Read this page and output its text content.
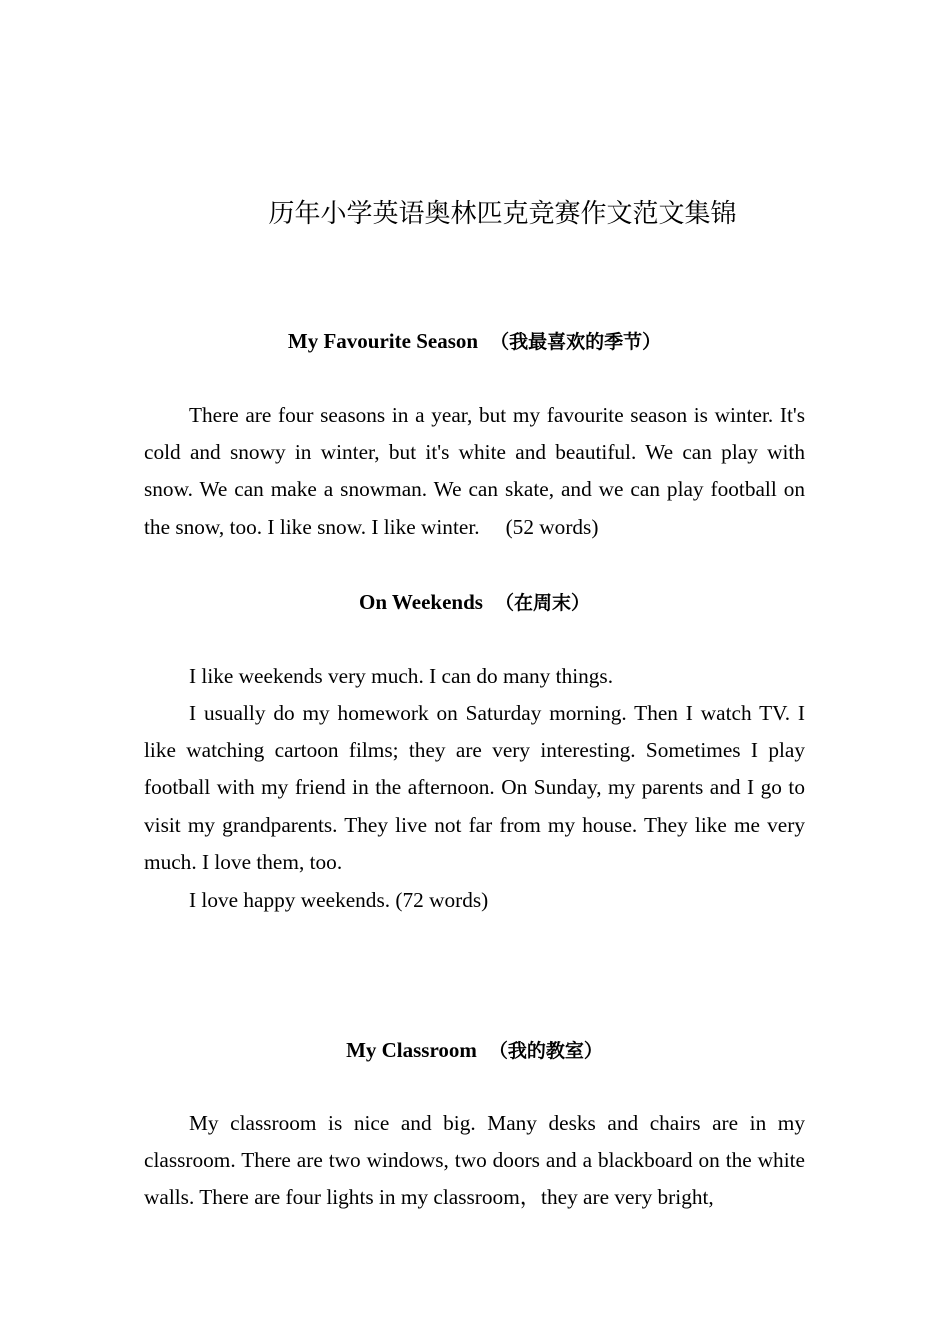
历年小学英语奥林匹克竞赛作文范文集锦
My Favourite Season （我最喜欢的季节）

There are four seasons in a year, but my favourite season is winter. It's cold and snowy in winter, but it's white and beautiful. We can play with snow. We can make a snowman. We can skate, and we can play football on the snow, too. I like snow. I like winter. (52 words)

On Weekends （在周末）

I like weekends very much. I can do many things.

I usually do my homework on Saturday morning. Then I watch TV. I like watching cartoon films; they are very interesting. Sometimes I play football with my friend in the afternoon. On Sunday, my parents and I go to visit my grandparents. They live not far from my house. They like me very much. I love them, too.

I love happy weekends. (72 words)

My Classroom （我的教室）

My classroom is nice and big. Many desks and chairs are in my classroom. There are two windows, two doors and a blackboard on the white walls. There are four lights in my classroom，they are very bright,
